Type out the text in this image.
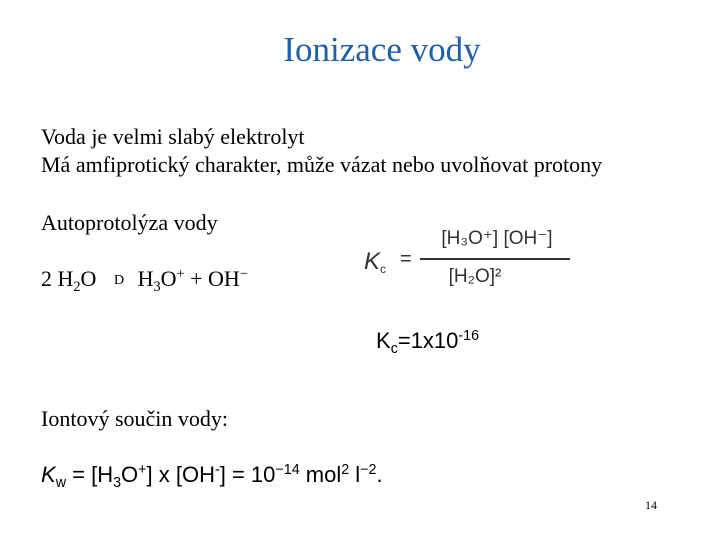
Ionizace vody
Voda je velmi slabý elektrolyt
Má amfiprotický charakter, může vázat nebo uvolňovat protony
Autoprotolýza vody
2 $H_2O$ D $H_3O^+ + OH^-$	$K_c$ =
[H₃O⁺] [OH⁻]
[H₂O]²
$K_c=1x10^{-16}$
Iontový součin vody:
$K_w = [H_3O^+]$ x $[OH^-] = 10^{-14}$ mol$^2$ $l^{-2}$.
14
